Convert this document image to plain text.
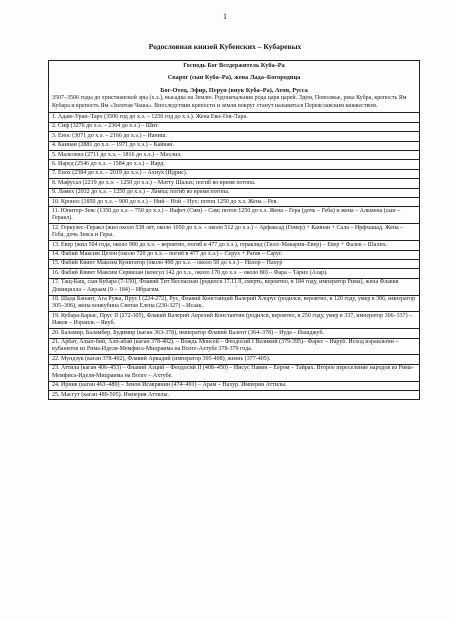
1
Родословная князей Кубенских – Кубаревых
Господь Бог Вседержитель Куба–Ра
Сварог (сын Куба–Ра), жена Лада–Богородица
Бог-Отец, Эфир, Перун (внук Куба–Ра), Атон, Русса
3507–3506 годы до христианской эры (х.э.), высадка на Землю. Родоначальник рода царя царей. Эдем, Поволжье, река Кубра, крепость Ям Кубара и крепость Ям «Золотая Чаша». Впоследствии крепости и земли вокруг станут называться Переяславским княжеством.
1. Адам–Уран–Тарх (3506 год до х.э. – 1250 год до х.э.). Жена Ева–Гея–Тара.
2. Сиф (3276 до х.э. – 2364 до х.э.) – Шит.
3. Енос (3071 до х.э. – 2166 до х.э.) – Ианиш.
4. Каинан (2881 до х.э. – 1971 до х.э.) – Кайнан.
5. Малелеил (2711 до х.э. – 1816 до х.э.) – Махлил.
6. Иаред (2546 до х.э. – 1584 до х.э.) – Иард.
7. Енох (2384 до х.э. – 2019 до х.э.) – Ахнух (Идрис).
8. Мафусал (2219 до х.э. – 1250 до х.э.) – Матту Шалах; погиб во время потопа.
9. Ламех (2032 до х.э. – 1250 до х.э.) – Ламха; погиб во время потопа.
10. Кронос (1850 до х.э. – 900 до х.э.) – Ний – Ной – Нух; потоп 1250 до х.э. Жена – Рея.
11. Юпитер–Зевс (1350 до х.э. – 750 до х.э.) – Иафет (Сим) – Сам; потоп 1250 до х.э. Жена – Гера (дочь – Геба) и жена – Алкмена (сын – Геракл).
12. Геркулес–Геракл (жил около 538 лет, около 1050 до х.э. – около 512 до х.э.) – Арфаксад (Гомер) + Каинан + Сала – Ирфхашад. Жена – Геба, дочь Зевса и Геры.
13. Евер (жил 504 года, около 980 до х.э. – вероятно, погиб в 477 до х.э.), гераклид (Гилл–Макария–Евер) – Евер + Фалек – Шалих.
14. Фабий Максим Цезон (около 720 до х.э. – погиб в 477 до х.э.) – Серух + Рагав – Саруг.
15. Фабий Квинт Максим Кунктатор (около 490 до х.э. – около 50 до х.э.) – Нахор – Нахур
16. Фабий Квинт Максим Сервилан (консул 142 до х.э., около 170 до х.э. – около 80) – Фара – Тарих (Азар).
17. Тащ-Бащ, сын Кубара (7-150), Флавий Тит Веспасиан (родился 17.11.9, смерть, вероятно, в 184 году, император Рима), жена Флавия Домицилла – Авраам (9 – 184) – Ибрагим.
18. Шада Банант, Ага Ружа, Прус I (224-272), Рус, Флавий Констанций Валерий Хлорус (родился, вероятно, в 120 году, умер в 306, император 305–306), жена конкубина Святая Елена (230-327) – Исаак.
19. Кубара-Барыс, Прус II (272-305), Флавий Валерий Аврелий Константин (родился, вероятно, в 250 году, умер в 337, император 306–337) – Иаков – Израиль – Якуб.
20. Баламир, Баламбер, Будимир (каган 363-378), император Флавий Валент (364–378) – Иуда – Йашджуб.
21. Арбат, Алып-бий, Алп-абай (каган 378-402). – Вождь Моисей – Феодосий I Великий (379-395)– Фарес – Иаруб. Исход израильтян – кубанитов из Рима-Иделя-Мемфиса-Мицраима на Волге-Ахтубе 378-379 года.
22. Мундзук (каган 378-402), Флавий Аркадий (император 395-408), жизнь (377-405).
23. Аттила (каган 406–453) – Флавий Аэций – Феодосий II (408–450) – Иисус Навин – Еером – Тайрах. Второе переселение народов из Рима-Мемфиса-Иделя-Мицраима на Волге – Ахтубе.
24. Ирник (каган 463–489) – Зенон Исаврянин (474–491) – Арам – Нахур. Империя Аттилы.
25. Масгут (каган 489-505). Империя Аттилы.
